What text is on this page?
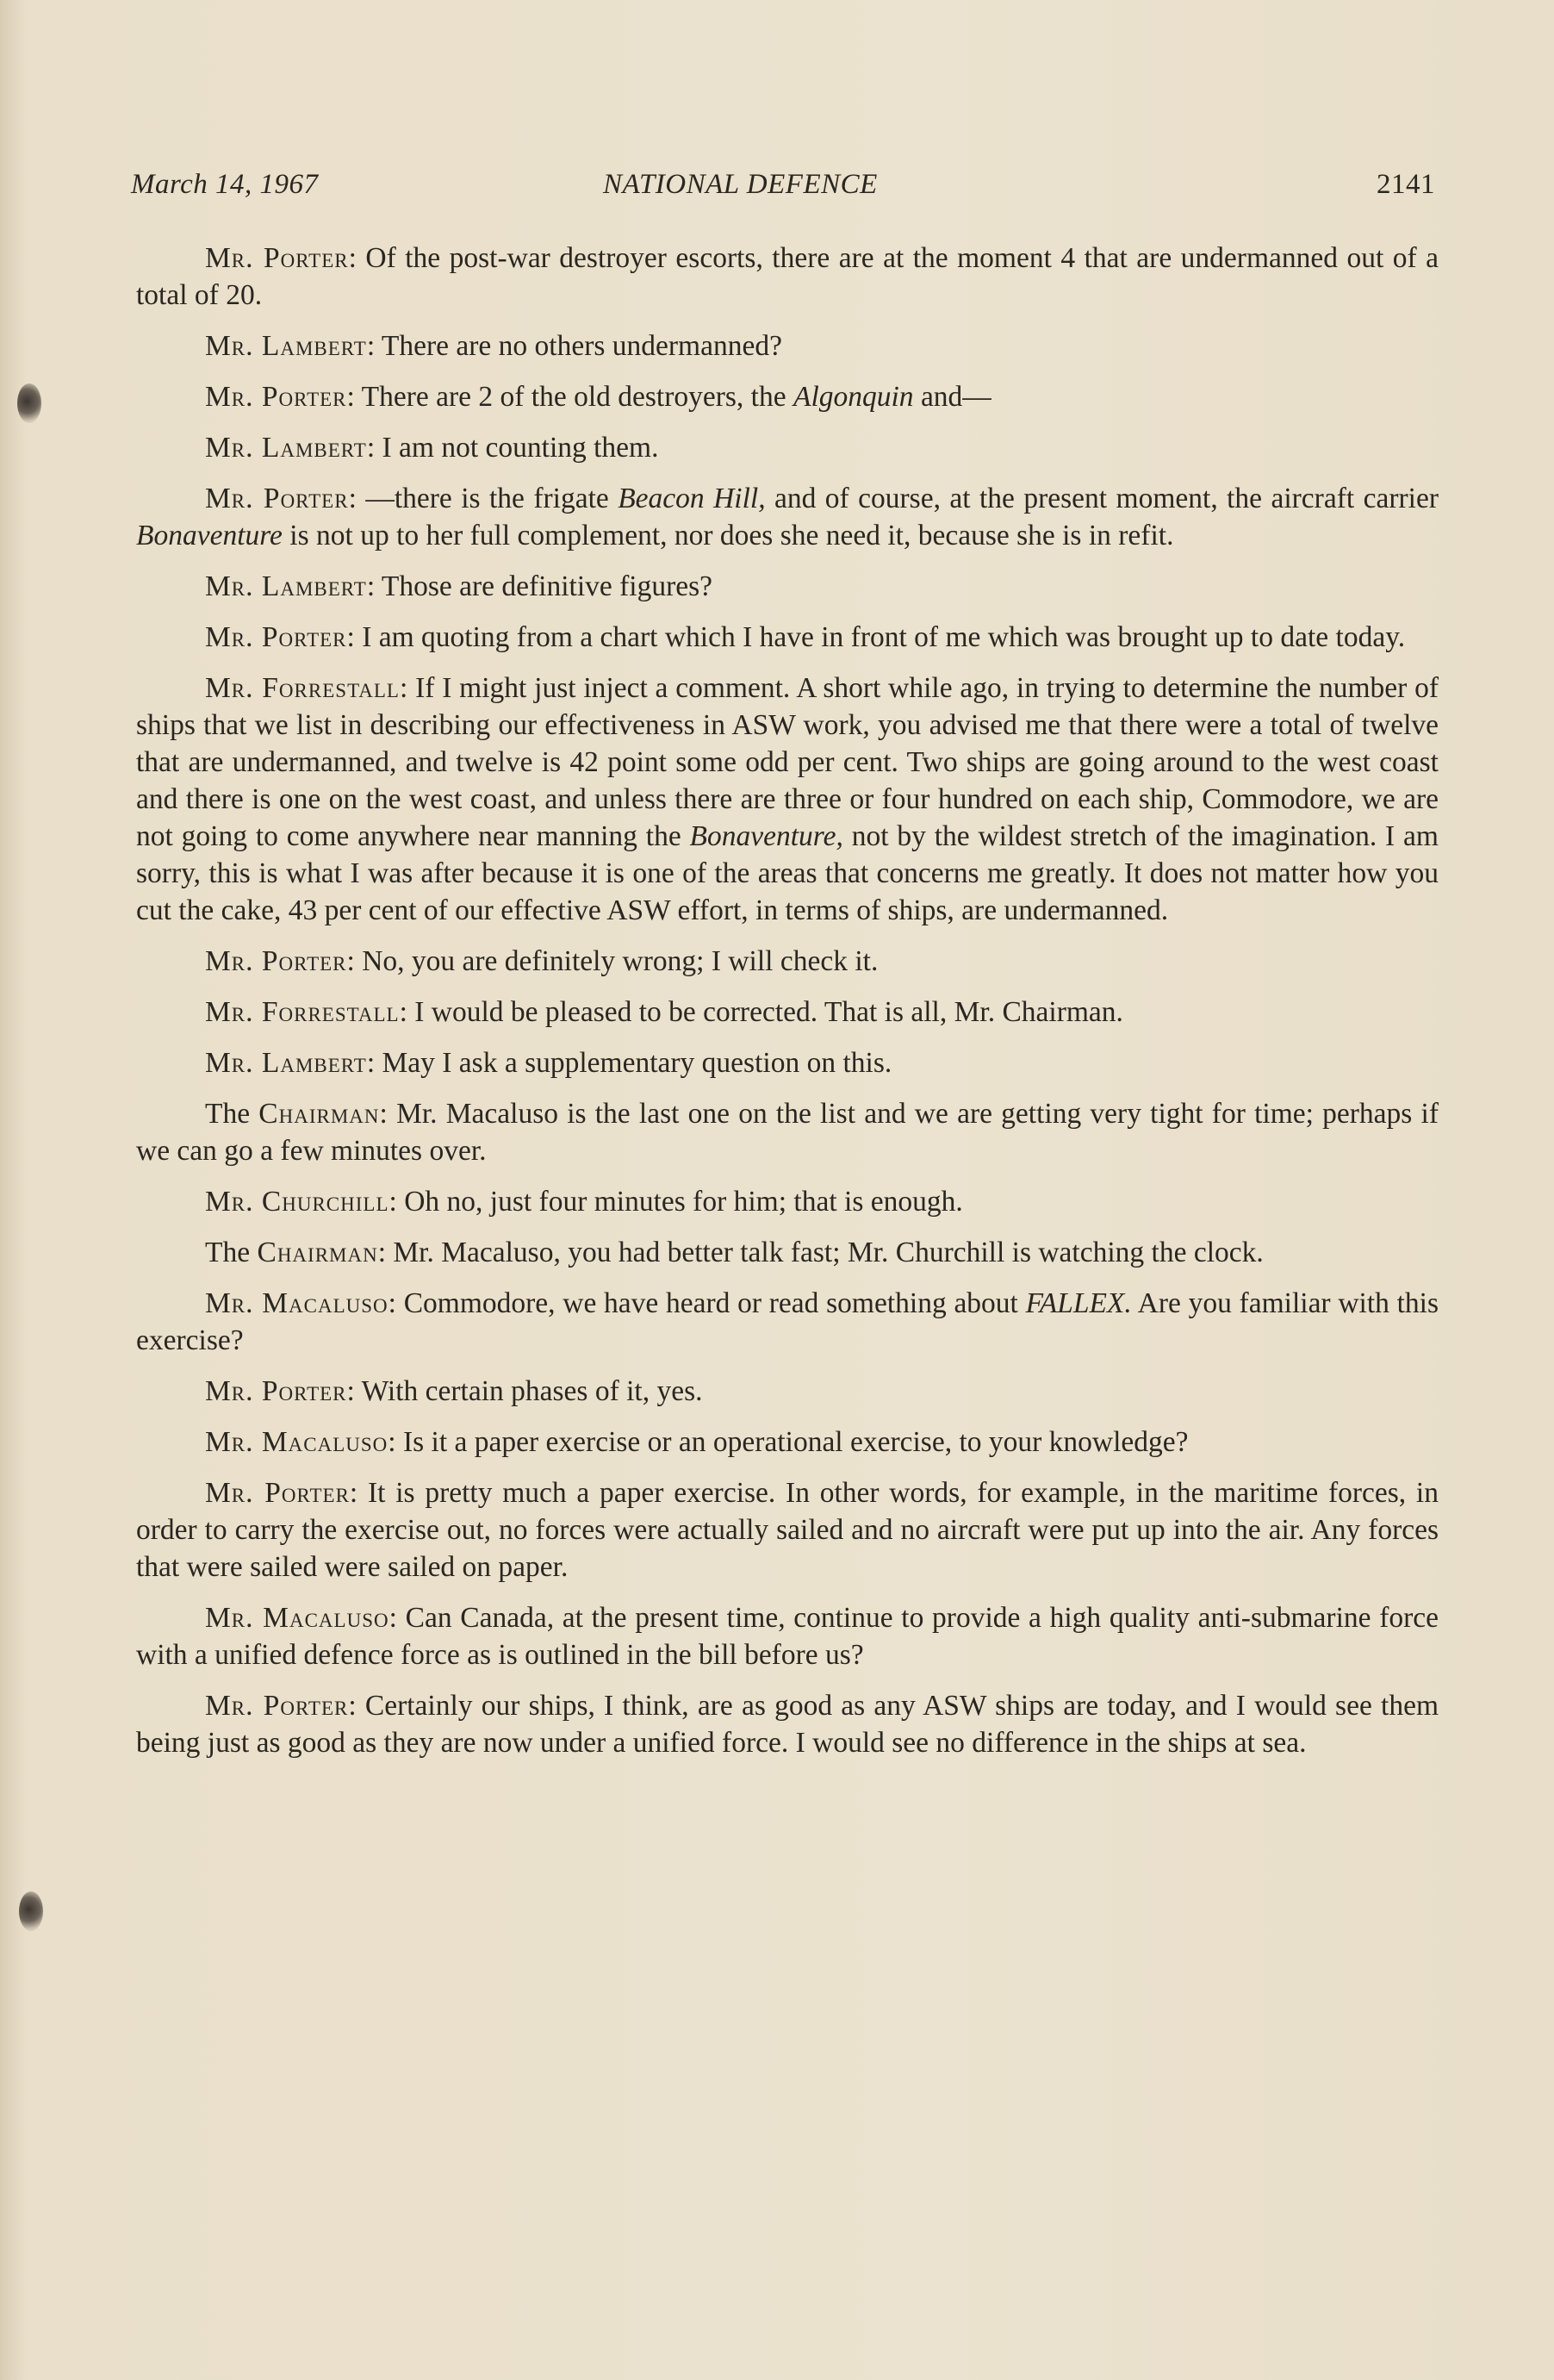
March 14, 1967	NATIONAL DEFENCE	2141

Mr. Porter: Of the post-war destroyer escorts, there are at the moment 4 that are undermanned out of a total of 20.

Mr. Lambert: There are no others undermanned?

Mr. Porter: There are 2 of the old destroyers, the Algonquin and—

Mr. Lambert: I am not counting them.

Mr. Porter: —there is the frigate Beacon Hill, and of course, at the present moment, the aircraft carrier Bonaventure is not up to her full complement, nor does she need it, because she is in refit.

Mr. Lambert: Those are definitive figures?

Mr. Porter: I am quoting from a chart which I have in front of me which was brought up to date today.

Mr. Forrestall: If I might just inject a comment. A short while ago, in trying to determine the number of ships that we list in describing our effectiveness in ASW work, you advised me that there were a total of twelve that are undermanned, and twelve is 42 point some odd per cent. Two ships are going around to the west coast and there is one on the west coast, and unless there are three or four hundred on each ship, Commodore, we are not going to come anywhere near manning the Bonaventure, not by the wildest stretch of the imagination. I am sorry, this is what I was after because it is one of the areas that concerns me greatly. It does not matter how you cut the cake, 43 per cent of our effective ASW effort, in terms of ships, are undermanned.

Mr. Porter: No, you are definitely wrong; I will check it.

Mr. Forrestall: I would be pleased to be corrected. That is all, Mr. Chairman.

Mr. Lambert: May I ask a supplementary question on this.

The Chairman: Mr. Macaluso is the last one on the list and we are getting very tight for time; perhaps if we can go a few minutes over.

Mr. Churchill: Oh no, just four minutes for him; that is enough.

The Chairman: Mr. Macaluso, you had better talk fast; Mr. Churchill is watching the clock.

Mr. Macaluso: Commodore, we have heard or read something about FALLEX. Are you familiar with this exercise?

Mr. Porter: With certain phases of it, yes.

Mr. Macaluso: Is it a paper exercise or an operational exercise, to your knowledge?

Mr. Porter: It is pretty much a paper exercise. In other words, for example, in the maritime forces, in order to carry the exercise out, no forces were actually sailed and no aircraft were put up into the air. Any forces that were sailed were sailed on paper.

Mr. Macaluso: Can Canada, at the present time, continue to provide a high quality anti-submarine force with a unified defence force as is outlined in the bill before us?

Mr. Porter: Certainly our ships, I think, are as good as any ASW ships are today, and I would see them being just as good as they are now under a unified force. I would see no difference in the ships at sea.
